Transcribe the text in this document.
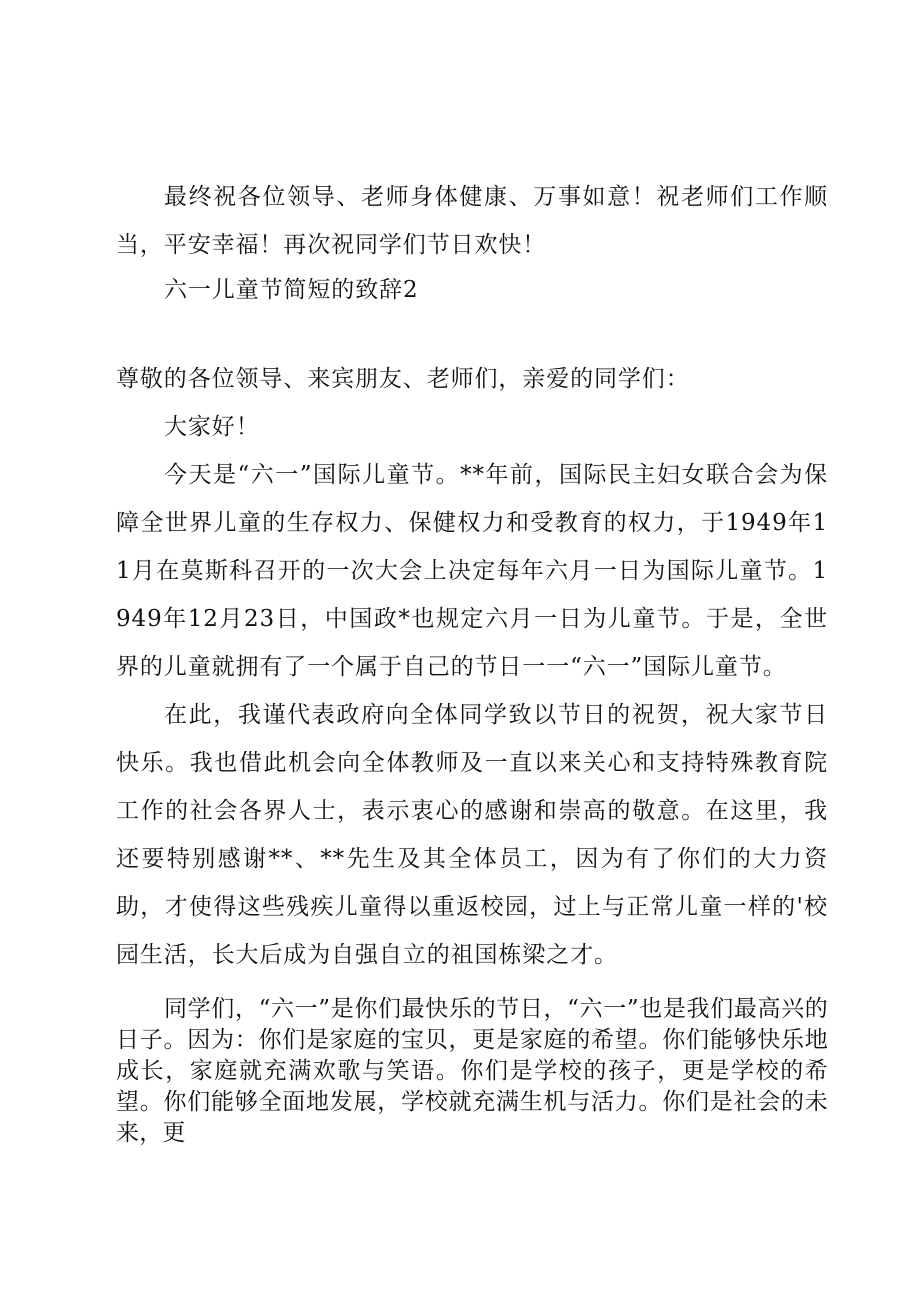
最终祝各位领导、老师身体健康、万事如意！祝老师们工作顺当，平安幸福！再次祝同学们节日欢快！

六一儿童节简短的致辞2

尊敬的各位领导、来宾朋友、老师们，亲爱的同学们：

大家好！

今天是“六一”国际儿童节。**年前，国际民主妇女联合会为保障全世界儿童的生存权力、保健权力和受教育的权力，于1949年11月在莫斯科召开的一次大会上决定每年六月一日为国际儿童节。1949年12月23日，中国政*也规定六月一日为儿童节。于是，全世界的儿童就拥有了一个属于自己的节日一一“六一”国际儿童节。

在此，我谨代表政府向全体同学致以节日的祝贺，祝大家节日快乐。我也借此机会向全体教师及一直以来关心和支持特殊教育院工作的社会各界人士，表示衷心的感谢和崇高的敬意。在这里，我还要特别感谢**、**先生及其全体员工，因为有了你们的大力资助，才使得这些残疾儿童得以重返校园，过上与正常儿童一样的'校园生活，长大后成为自强自立的祖国栋梁之才。

同学们，“六一”是你们最快乐的节日，“六一”也是我们最高兴的日子。因为：你们是家庭的宝贝，更是家庭的希望。你们能够快乐地成长，家庭就充满欢歌与笑语。你们是学校的孩子，更是学校的希望。你们能够全面地发展，学校就充满生机与活力。你们是社会的未来，更
